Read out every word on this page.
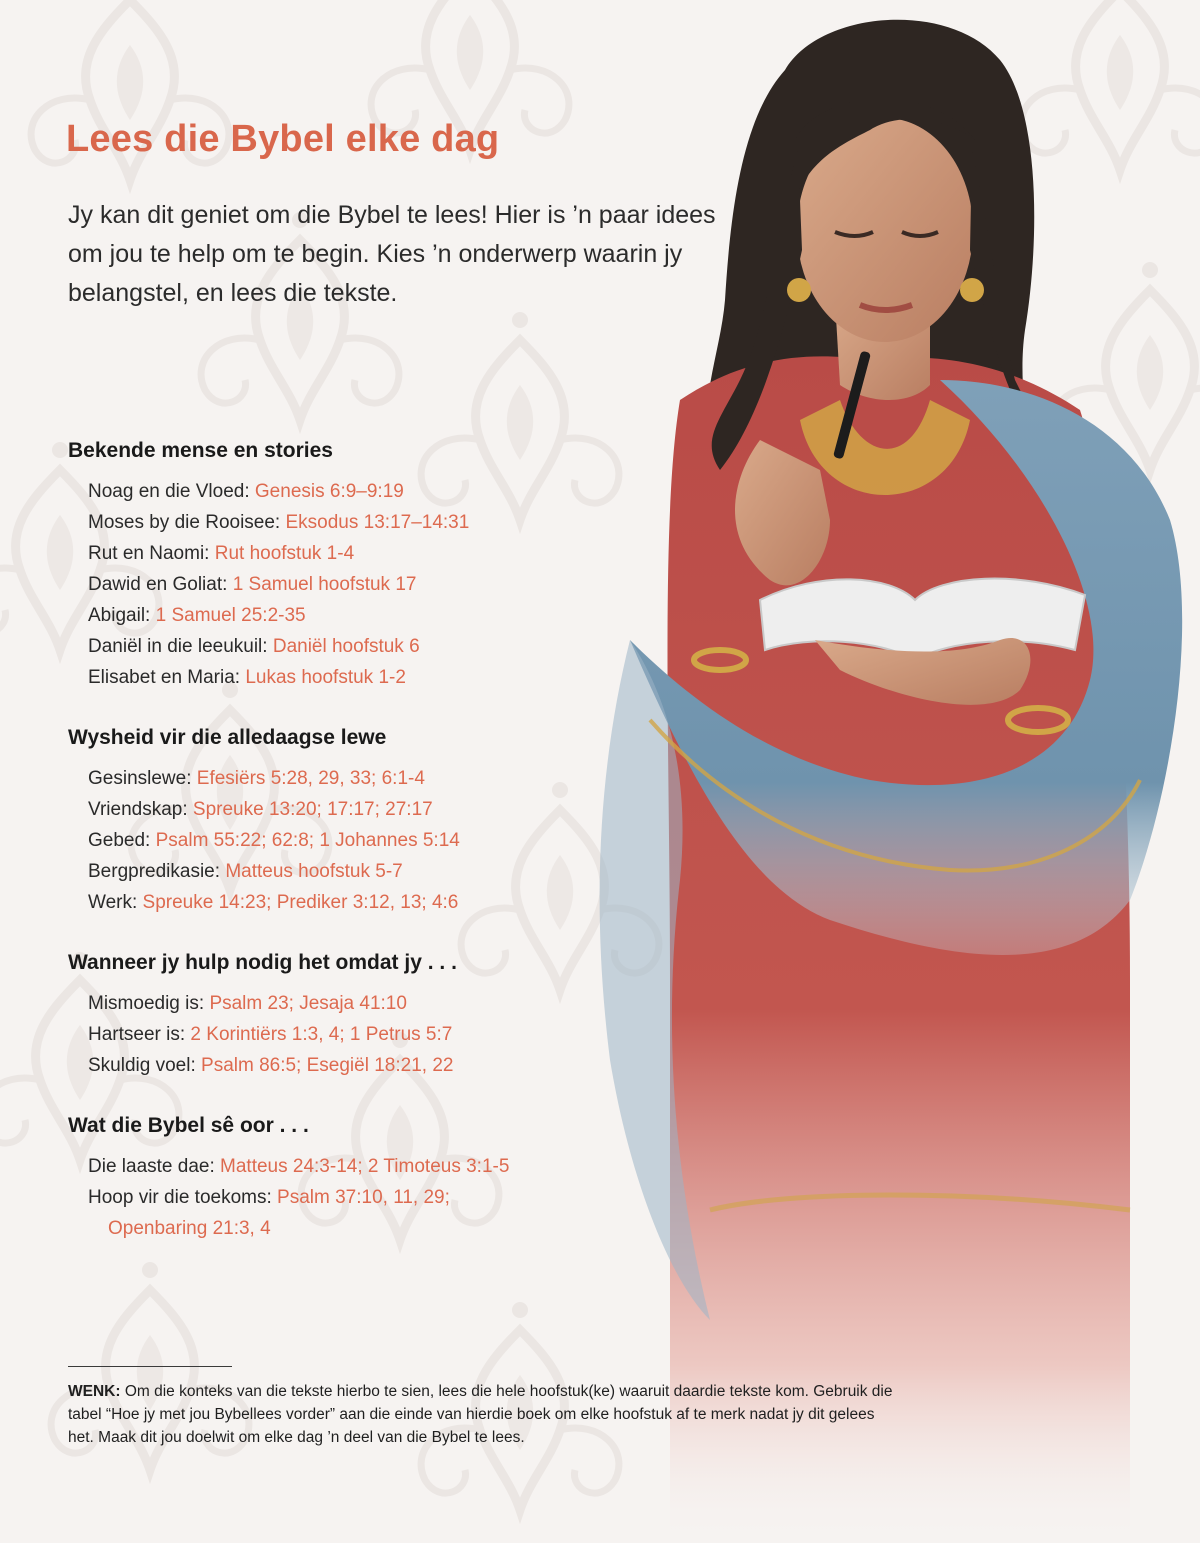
Lees die Bybel elke dag

Jy kan dit geniet om die Bybel te lees! Hier is ’n paar idees om jou te help om te begin. Kies ’n onderwerp waarin jy belangstel, en lees die tekste.

Bekende mense en stories
Noag en die Vloed: Genesis 6:9–9:19
Moses by die Rooisee: Eksodus 13:17–14:31
Rut en Naomi: Rut hoofstuk 1-4
Dawid en Goliat: 1 Samuel hoofstuk 17
Abigail: 1 Samuel 25:2-35
Daniël in die leeukuil: Daniël hoofstuk 6
Elisabet en Maria: Lukas hoofstuk 1-2
Wysheid vir die alledaagse lewe
Gesinslewe: Efesiërs 5:28, 29, 33; 6:1-4
Vriendskap: Spreuke 13:20; 17:17; 27:17
Gebed: Psalm 55:22; 62:8; 1 Johannes 5:14
Bergpredikasie: Matteus hoofstuk 5-7
Werk: Spreuke 14:23; Prediker 3:12, 13; 4:6
Wanneer jy hulp nodig het omdat jy . . .
Mismoedig is: Psalm 23; Jesaja 41:10
Hartseer is: 2 Korintiërs 1:3, 4; 1 Petrus 5:7
Skuldig voel: Psalm 86:5; Esegiël 18:21, 22
Wat die Bybel sê oor . . .
Die laaste dae: Matteus 24:3-14; 2 Timoteus 3:1-5
Hoop vir die toekoms: Psalm 37:10, 11, 29; Openbaring 21:3, 4

WENK: Om die konteks van die tekste hierbo te sien, lees die hele hoofstuk(ke) waaruit daardie tekste kom. Gebruik die tabel “Hoe jy met jou Bybellees vorder” aan die einde van hierdie boek om elke hoofstuk af te merk nadat jy dit gelees het. Maak dit jou doelwit om elke dag ’n deel van die Bybel te lees.
